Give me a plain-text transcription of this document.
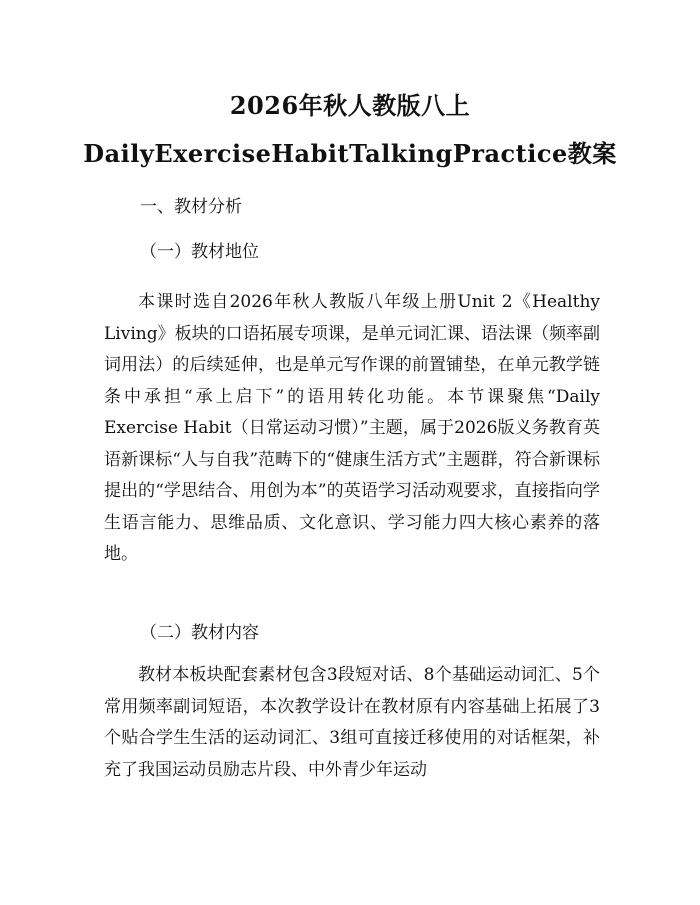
2026年秋人教版八上
DailyExerciseHabitTalkingPractice教案
一、教材分析
（一）教材地位
本课时选自2026年秋人教版八年级上册Unit 2《Healthy Living》板块的口语拓展专项课，是单元词汇课、语法课（频率副词用法）的后续延伸，也是单元写作课的前置铺垫，在单元教学链条中承担“承上启下”的语用转化功能。本节课聚焦“Daily Exercise Habit（日常运动习惯）”主题，属于2026版义务教育英语新课标“人与自我”范畴下的“健康生活方式”主题群，符合新课标提出的“学思结合、用创为本”的英语学习活动观要求，直接指向学生语言能力、思维品质、文化意识、学习能力四大核心素养的落地。
（二）教材内容
教材本板块配套素材包含3段短对话、8个基础运动词汇、5个常用频率副词短语，本次教学设计在教材原有内容基础上拓展了3个贴合学生生活的运动词汇、3组可直接迁移使用的对话框架，补充了我国运动员励志片段、中外青少年运动
